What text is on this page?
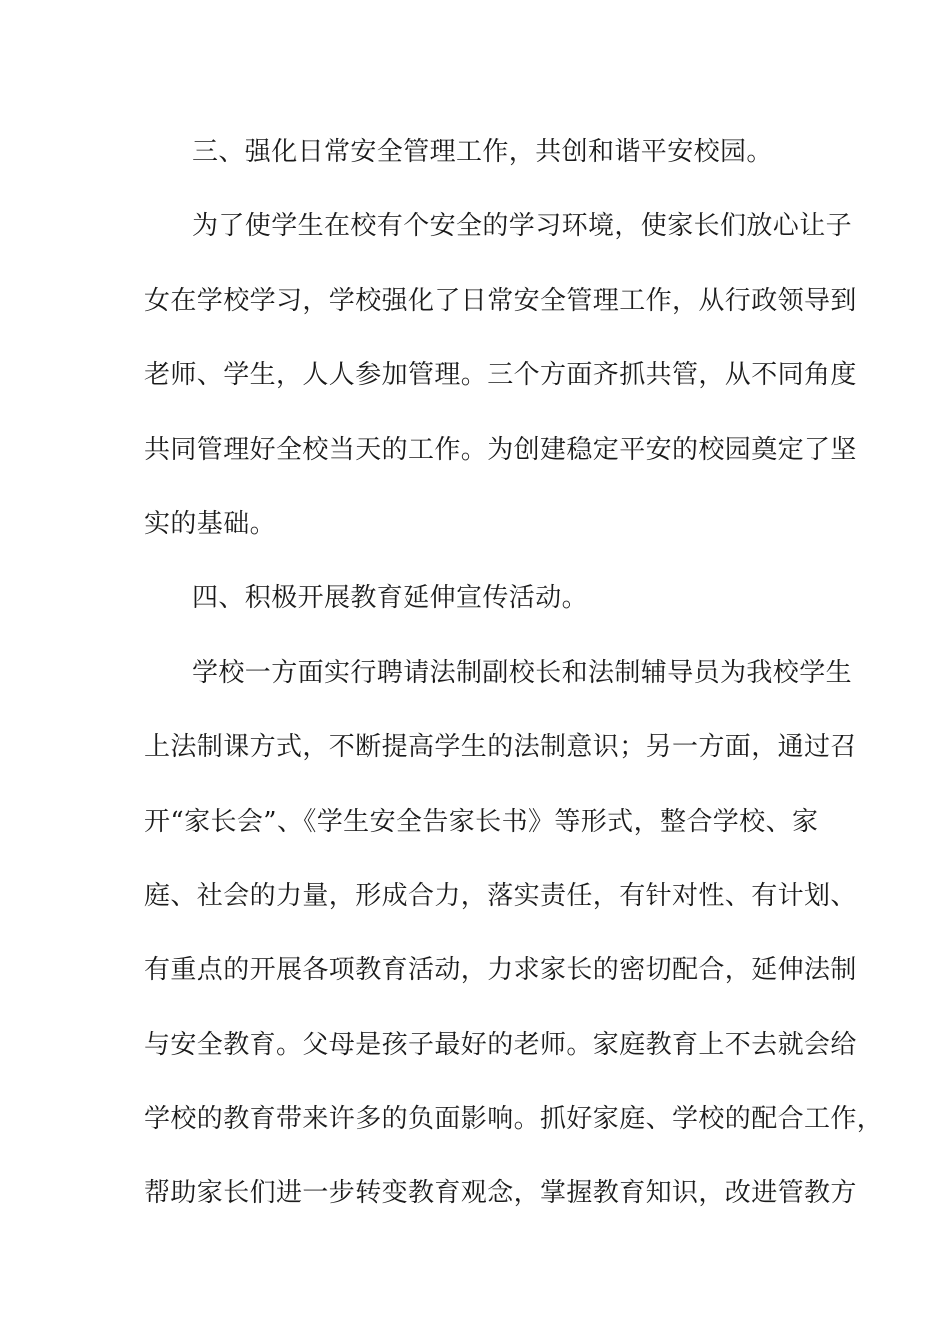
三、强化日常安全管理工作，共创和谐平安校园。
为了使学生在校有个安全的学习环境，使家长们放心让子
女在学校学习，学校强化了日常安全管理工作，从行政领导到
老师、学生，人人参加管理。三个方面齐抓共管，从不同角度
共同管理好全校当天的工作。为创建稳定平安的校园奠定了坚
实的基础。
四、积极开展教育延伸宣传活动。
学校一方面实行聘请法制副校长和法制辅导员为我校学生
上法制课方式，不断提高学生的法制意识；另一方面，通过召
开“家长会”、《学生安全告家长书》等形式，整合学校、家
庭、社会的力量，形成合力，落实责任，有针对性、有计划、
有重点的开展各项教育活动，力求家长的密切配合，延伸法制
与安全教育。父母是孩子最好的老师。家庭教育上不去就会给
学校的教育带来许多的负面影响。抓好家庭、学校的配合工作，
帮助家长们进一步转变教育观念，掌握教育知识，改进管教方
